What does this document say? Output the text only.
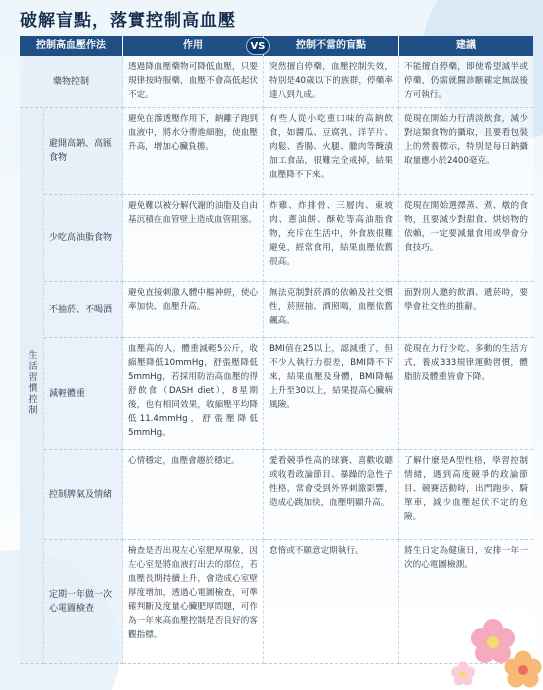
破解盲點，落實控制高血壓
控制高血壓作法		作用	控制不當的盲點	建議
藥物控制		透過降血壓藥物可降低血壓，只要規律按時服藥，血壓不會高低起伏不定。	突然擅自停藥，血壓控制失效，特別是40歲以下的族群，停藥率達八到九成。	不能擅自停藥，即使希望減半或停藥，仍需就醫診斷確定無誤後方可執行。
生活習慣控制	避開高鈉、高匯食物	避免在滲透壓作用下，鈉離子跑到血液中，將水分帶進細胞，使血壓升高，增加心臟負擔。	有些人從小吃重口味的高鈉飲食，如醬瓜、豆腐乳、洋芋片、肉鬆、香腸、火腿、臘肉等醃漬加工食品，很難完全戒掉，結果血壓降不下來。	從現在開始力行清淡飲食，減少對這類食物的攝取，且要看包裝上的營養標示，特別是每日鈉攝取量應小於2400毫克。
	少吃高油脂食物	避免難以被分解代謝的油脂及自由基沉積在血管壁上造成血管阻塞。	炸雞、炸排骨、三層肉、東坡肉、蔥油餅、酥乾等高油脂食物，充斥在生活中，外食族很難避免，經常食用，結果血壓依舊很高。	從現在開始選擇蒸、煮、燉的食物，且要減少對甜食、烘焙物的依賴，一定要減量食用或學會分食技巧。
	不抽菸、不喝酒	避免直接刺激人體中樞神經，使心率加快、血壓升高。	無法克制對菸酒的依賴及社交慣性，菸照抽、酒照喝，血壓依舊飆高。	面對別人邀約飲酒、遞菸時，要學會社交性的推辭。
	減輕體重	血壓高的人，體重減輕5公斤，收縮壓降低10mmHg，舒張壓降低5mmHg，若採用防治高血壓的得舒飲食（DASH diet），8星期後，也有相同效果，收縮壓平均降低11.4mmHg，舒張壓降低5mmHg。	BMI值在25以上，認減重了，但不少人執行力很差，BMI降不下來，結果血壓及身體，BMI降幅上升至30以上，結果提高心臟病風險。	從現在力行少吃、多動的生活方式，養成333規律運動習慣，體脂肪及體重皆會下降。
	控制脾氣及情緒	心情穩定，血壓會趨於穩定。	愛看競爭性高的球賽、喜歡收聽或收看政論節目、暴躁的急性子性格，常會受到外界刺激影響，造成心跳加快，血壓明顯升高。	了解什麼是A型性格，學習控制情緒，遇到高度競爭的政論節目、競賽活動時，出門跑步、騎單車，減少血壓起伏不定的危險。
	定期一年做一次心電圖檢查	檢查是否出現左心室肥厚現象，因左心室是將血液打出去的部位，若血壓長期持續上升，會造成心室壁厚度增加，透過心電圖檢查，可準確判斷及度量心臟肥厚問題，可作為一年來高血壓控制是否良好的客觀指標。	怠惰或不願意定期執行。	將生日定為健康日，安排一年一次的心電圖檢測。
VS
